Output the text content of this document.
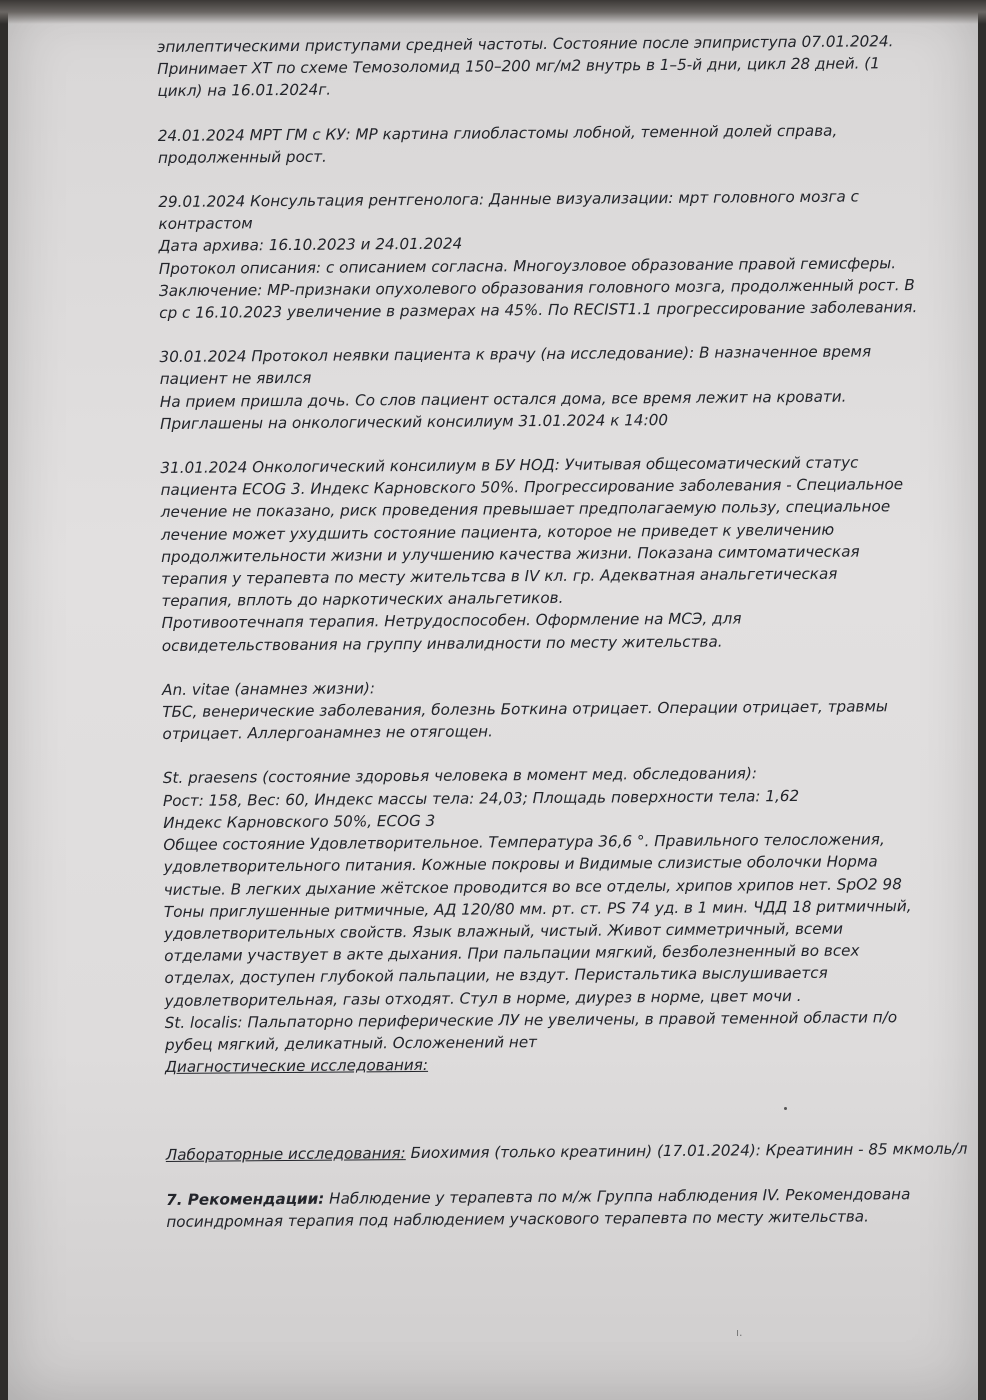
эпилептическими приступами средней частоты. Состояние после эпиприступа 07.01.2024.
Принимает ХТ по схеме Темозоломид 150–200 мг/м2 внутрь в 1–5-й дни, цикл 28 дней. (1
цикл) на 16.01.2024г.
24.01.2024 МРТ ГМ с КУ: МР картина глиобластомы лобной, теменной долей справа,
продолженный рост.
29.01.2024 Консультация рентгенолога: Данные визуализации: мрт головного мозга с
контрастом
Дата архива: 16.10.2023 и 24.01.2024
Протокол описания: с описанием согласна. Многоузловое образование правой гемисферы.
Заключение: МР-признаки опухолевого образования головного мозга, продолженный рост. В
ср с 16.10.2023 увеличение в размерах на 45%. По RECIST1.1 прогрессирование заболевания.
30.01.2024 Протокол неявки пациента к врачу (на исследование): В назначенное время
пациент не явился
На прием пришла дочь. Со слов пациент остался дома, все время лежит на кровати.
Приглашены на онкологический консилиум 31.01.2024 к 14:00
31.01.2024 Онкологический консилиум в БУ НОД: Учитывая общесоматический статус
пациента ECOG 3. Индекс Карновского 50%. Прогрессирование заболевания - Специальное
лечение не показано, риск проведения превышает предполагаемую пользу, специальное
лечение может ухудшить состояние пациента, которое не приведет к увеличению
продолжительности жизни и улучшению качества жизни. Показана симтоматическая
терапия у терапевта по месту жительтсва в IV кл. гр. Адекватная анальгетическая
терапия, вплоть до наркотических анальгетиков.
Противоотечнапя терапия. Нетрудоспособен. Оформление на МСЭ, для
освидетельствования на группу инвалидности по месту жительства.
An. vitae (анамнез жизни):
ТБС, венерические заболевания, болезнь Боткина отрицает. Операции отрицает, травмы
отрицает. Аллергоанамнез не отягощен.
St. praesens (состояние здоровья человека в момент мед. обследования):
Рост: 158, Вес: 60, Индекс массы тела: 24,03; Площадь поверхности тела: 1,62
Индекс Карновского 50%, ECOG 3
Общее состояние Удовлетворительное. Температура 36,6 °. Правильного телосложения,
удовлетворительного питания. Кожные покровы и Видимые слизистые оболочки Норма
чистые. В легких дыхание жётское проводится во все отделы, хрипов хрипов нет. SpO2 98
Тоны приглушенные ритмичные, АД 120/80 мм. рт. ст. PS 74 уд. в 1 мин. ЧДД 18 ритмичный,
удовлетворительных свойств. Язык влажный, чистый. Живот симметричный, всеми
отделами участвует в акте дыхания. При пальпации мягкий, безболезненный во всех
отделах, доступен глубокой пальпации, не вздут. Перистальтика выслушивается
удовлетворительная, газы отходят. Стул в норме, диурез в норме, цвет мочи .
St. localis: Пальпаторно периферические ЛУ не увеличены, в правой теменной области п/о
рубец мягкий, деликатный. Осложенений нет
Диагностические исследования:
Лабораторные исследования: Биохимия (только креатинин) (17.01.2024): Креатинин - 85 мкмоль/л
7. Рекомендации: Наблюдение у терапевта по м/ж Группа наблюдения IV. Рекомендована
посиндромная терапия под наблюдением учаскового терапевта по месту жительства.
ı.
